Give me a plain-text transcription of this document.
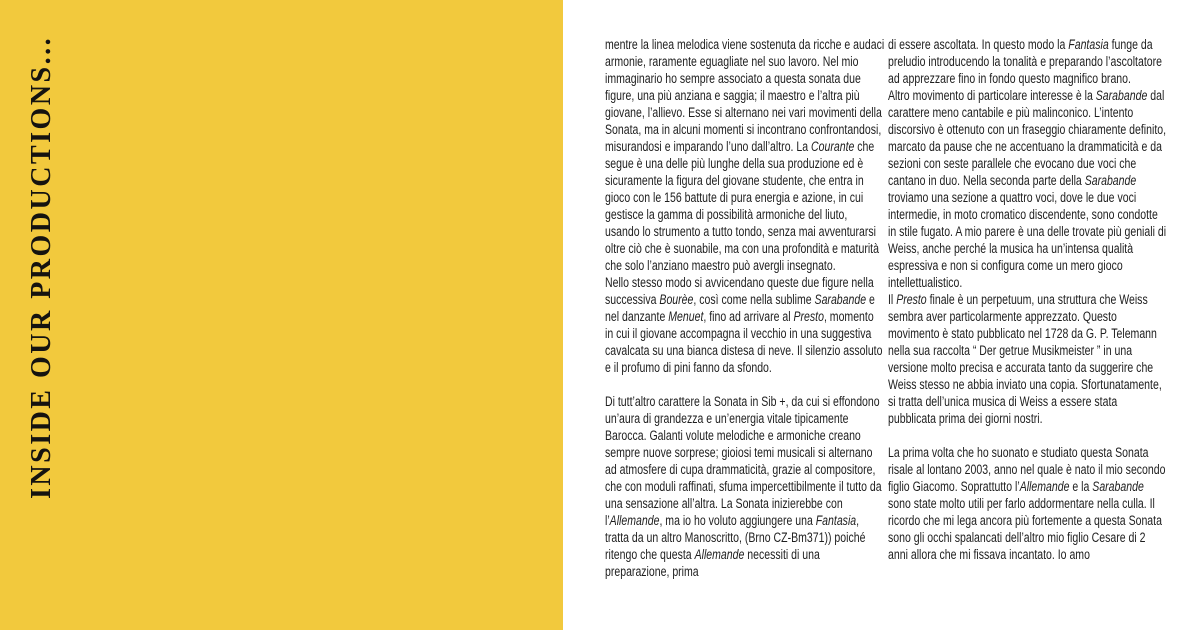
INSIDE OUR PRODUCTIONS...	mentre la linea melodica viene sostenuta da ricche e audaci armonie, raramente eguagliate nel suo lavoro. Nel mio immaginario ho sempre associato a questa sonata due figure, una più anziana e saggia; il maestro e l’altra più giovane, l’allievo. Esse si alternano nei vari movimenti della Sonata, ma in alcuni momenti si incontrano confrontandosi, misurandosi e imparando l’uno dall’altro. La Courante che segue è una delle più lunghe della sua produzione ed è sicuramente la figura del giovane studente, che entra in gioco con le 156 battute di pura energia e azione, in cui gestisce la gamma di possibilità armoniche del liuto, usando lo strumento a tutto tondo, senza mai avventurarsi oltre ciò che è suonabile, ma con una profondità e maturità che solo l’anziano maestro può avergli insegnato.

Nello stesso modo si avvicendano queste due figure nella successiva Bourèe, così come nella sublime Sarabande e nel danzante Menuet, fino ad arrivare al Presto, momento in cui il giovane accompagna il vecchio in una suggestiva cavalcata su una bianca distesa di neve. Il silenzio assoluto e il profumo di pini fanno da sfondo.

Di tutt’altro carattere la Sonata in Sib +, da cui si effondono un’aura di grandezza e un’energia vitale tipicamente Barocca. Galanti volute melodiche e armoniche creano sempre nuove sorprese; gioiosi temi musicali si alternano ad atmosfere di cupa drammaticità, grazie al compositore, che con moduli raffinati, sfuma impercettibilmente il tutto da una sensazione all’altra. La Sonata inizierebbe con l’Allemande, ma io ho voluto aggiungere una Fantasia, tratta da un altro Manoscritto, (Brno CZ-Bm371)) poiché ritengo che questa Allemande necessiti di una preparazione, prima

di essere ascoltata. In questo modo la Fantasia funge da preludio introducendo la tonalità e preparando l’ascoltatore ad apprezzare fino in fondo questo magnifico brano.

Altro movimento di particolare interesse è la Sarabande dal carattere meno cantabile e più malinconico. L’intento discorsivo è ottenuto con un fraseggio chiaramente definito, marcato da pause che ne accentuano la drammaticità e da sezioni con seste parallele che evocano due voci che cantano in duo. Nella seconda parte della Sarabande troviamo una sezione a quattro voci, dove le due voci intermedie, in moto cromatico discendente, sono condotte in stile fugato. A mio parere è una delle trovate più geniali di Weiss, anche perché la musica ha un’intensa qualità espressiva e non si configura come un mero gioco intellettualistico.

Il Presto finale è un perpetuum, una struttura che Weiss sembra aver particolarmente apprezzato. Questo movimento è stato pubblicato nel 1728 da G. P. Telemann nella sua raccolta “ Der getrue Musikmeister ” in una versione molto precisa e accurata tanto da suggerire che Weiss stesso ne abbia inviato una copia. Sfortunatamente, si tratta dell’unica musica di Weiss a essere stata pubblicata prima dei giorni nostri.

La prima volta che ho suonato e studiato questa Sonata risale al lontano 2003, anno nel quale è nato il mio secondo figlio Giacomo. Soprattutto l’Allemande e la Sarabande sono state molto utili per farlo addormentare nella culla. Il ricordo che mi lega ancora più fortemente a questa Sonata sono gli occhi spalancati dell’altro mio figlio Cesare di 2 anni allora che mi fissava incantato. Io amo
